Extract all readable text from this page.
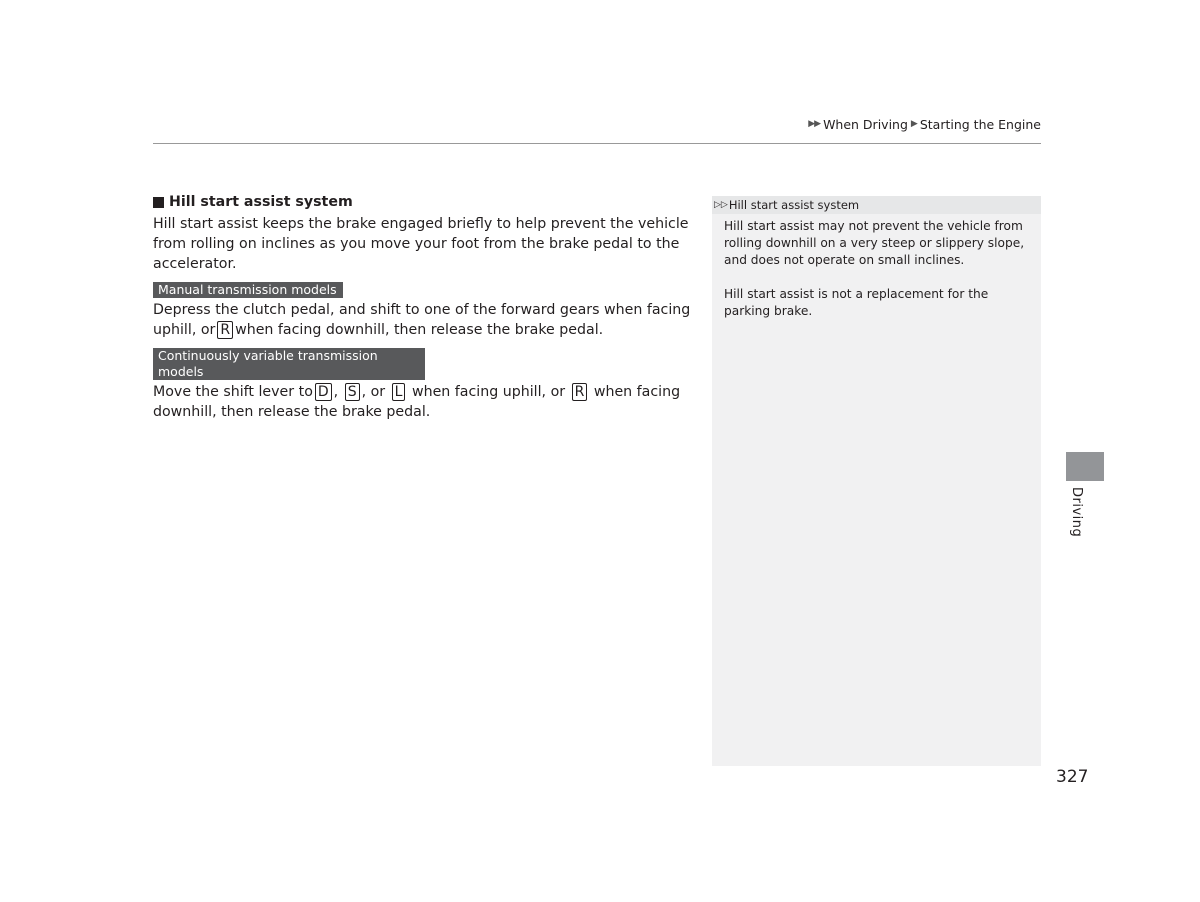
▶▶ When Driving ▶ Starting the Engine
Hill start assist system

Hill start assist keeps the brake engaged briefly to help prevent the vehicle from rolling on inclines as you move your foot from the brake pedal to the accelerator.

Manual transmission models

Depress the clutch pedal, and shift to one of the forward gears when facing uphill, or R when facing downhill, then release the brake pedal.

Continuously variable transmission models

Move the shift lever to D , S , or L when facing uphill, or R when facing downhill, then release the brake pedal.

▷▷ Hill start assist system

Hill start assist may not prevent the vehicle from rolling downhill on a very steep or slippery slope, and does not operate on small inclines.

Hill start assist is not a replacement for the parking brake.

Driving
327
